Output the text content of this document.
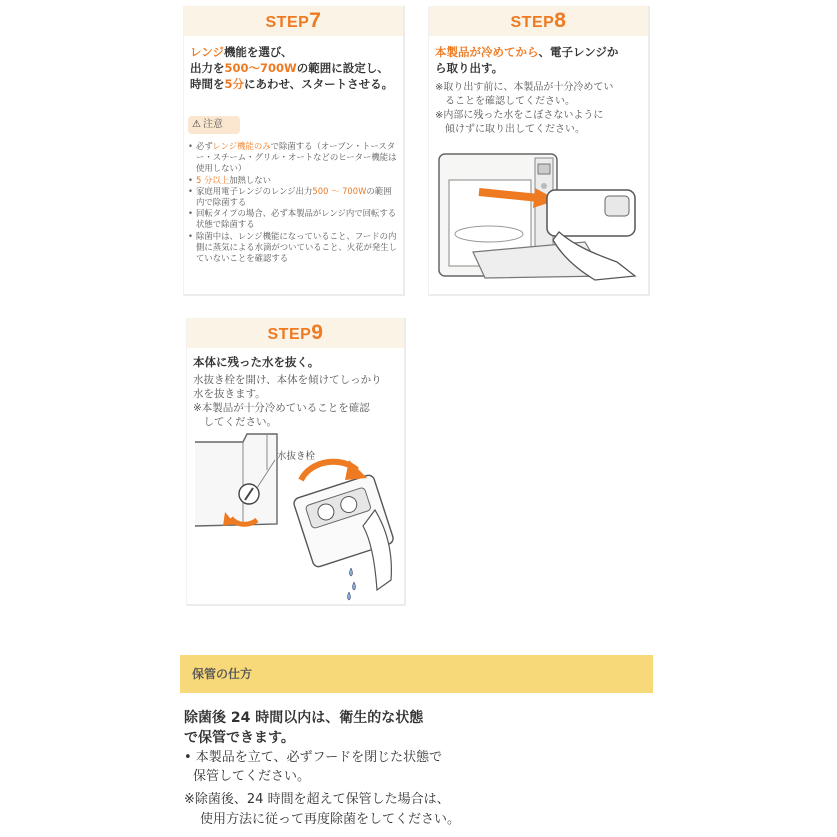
STEP7
レンジ機能を選び、
出力を500～700Wの範囲に設定し、
時間を5分にあわせ、スタートさせる。
⚠ 注意
• 必ずレンジ機能のみで除菌する（オーブン・トースター・スチーム・グリル・オートなどのヒーター機能は使用しない）
• 5 分以上加熱しない
• 家庭用電子レンジのレンジ出力500 ～ 700Wの範囲内で除菌する
• 回転タイプの場合、必ず本製品がレンジ内で回転する状態で除菌する
• 除菌中は、レンジ機能になっていること、フードの内側に蒸気による水滴がついていること、火花が発生していないことを確認する
STEP8
本製品が冷めてから、電子レンジか
ら取り出す。
※取り出す前に、本製品が十分冷めてい
　ることを確認してください。
※内部に残った水をこぼさないように
　傾けずに取り出してください。
STEP9
本体に残った水を抜く。
水抜き栓を開け、本体を傾けてしっかり
水を抜きます。
※本製品が十分冷めていることを確認
　してください。
水抜き栓
保管の仕方
除菌後 24 時間以内は、衛生的な状態
で保管できます。
• 本製品を立て、必ずフードを閉じた状態で
保管してください。
※除菌後、24 時間を超えて保管した場合は、
使用方法に従って再度除菌をしてください。
